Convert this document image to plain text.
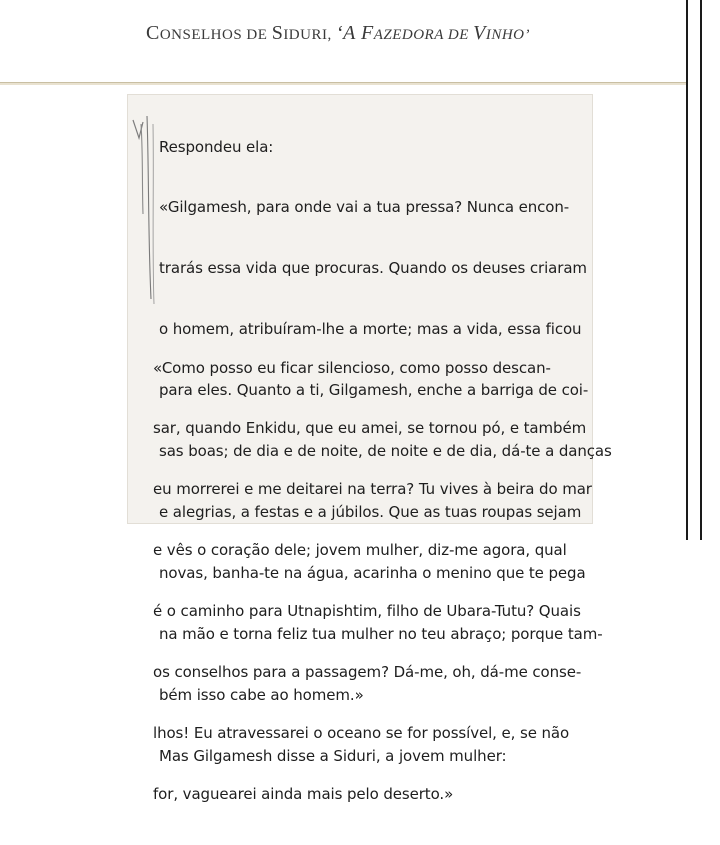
CONSELHOS DE SIDURI, ‘A FAZEDORA DE VINHO’

Respondeu ela:

«Gilgamesh, para onde vai a tua pressa? Nunca encon-

trarás essa vida que procuras. Quando os deuses criaram

o homem, atribuíram-lhe a morte; mas a vida, essa ficou

para eles. Quanto a ti, Gilgamesh, enche a barriga de coi-

sas boas; de dia e de noite, de noite e de dia, dá-te a danças

e alegrias, a festas e a júbilos. Que as tuas roupas sejam

novas, banha-te na água, acarinha o menino que te pega

na mão e torna feliz tua mulher no teu abraço; porque tam-

bém isso cabe ao homem.»

Mas Gilgamesh disse a Siduri, a jovem mulher:

«Como posso eu ficar silencioso, como posso descan-

sar, quando Enkidu, que eu amei, se tornou pó, e também

eu morrerei e me deitarei na terra? Tu vives à beira do mar

e vês o coração dele; jovem mulher, diz-me agora, qual

é o caminho para Utnapishtim, filho de Ubara-Tutu? Quais

os conselhos para a passagem? Dá-me, oh, dá-me conse-

lhos! Eu atravessarei o oceano se for possível, e, se não

for, vaguearei ainda mais pelo deserto.»
